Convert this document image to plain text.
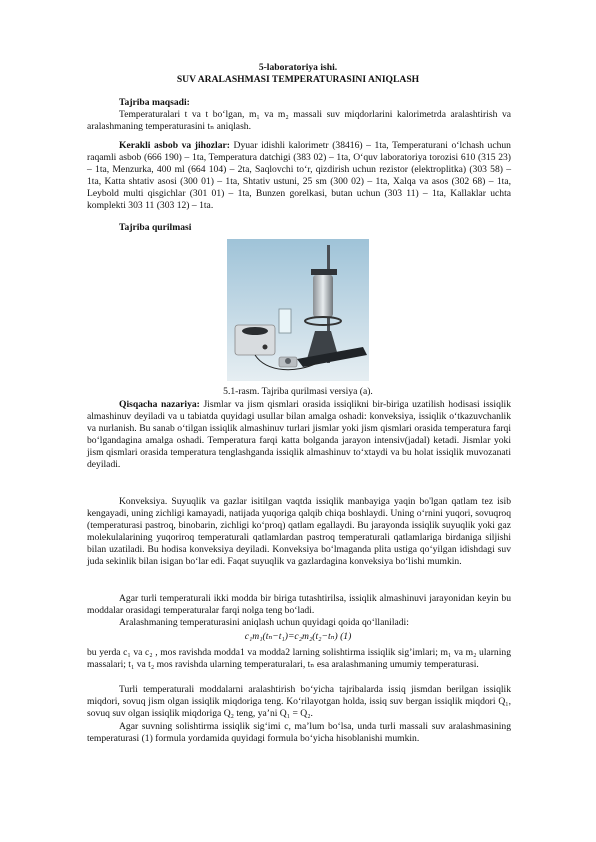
5-laboratoriya ishi.
SUV ARALASHMASI TEMPERATURASINI ANIQLASH
Tajriba maqsadi:
Temperaturalari t va t bo‘lgan, m₁ va m₂ massali suv miqdorlarini kalorimetrda aralashtirish va aralashmaning temperaturasini tₙ aniqlash.
Kerakli asbob va jihozlar: Dyuar idishli kalorimetr (38416) – 1ta, Temperaturani o‘lchash uchun raqamli asbob (666 190) – 1ta, Temperatura datchigi (383 02) – 1ta, O‘quv laboratoriya torozisi 610 (315 23) – 1ta, Menzurka, 400 ml (664 104) – 2ta, Saqlovchi to‘r, qizdirish uchun rezistor (elektroplitka) (303 58) – 1ta, Katta shtativ asosi (300 01) – 1ta, Shtativ ustuni, 25 sm (300 02) – 1ta, Xalqa va asos (302 68) – 1ta, Leybold multi qisgichlar (301 01) – 1ta, Bunzen gorelkasi, butan uchun (303 11) – 1ta, Kallaklar uchta komplekti 303 11 (303 12) – 1ta.
Tajriba qurilmasi
5.1-rasm. Tajriba qurilmasi versiya (a).
Qisqacha nazariya: Jismlar va jism qismlari orasida issiqlikni bir-biriga uzatilish hodisasi issiqlik almashinuv deyiladi va u tabiatda quyidagi usullar bilan amalga oshadi: konveksiya, issiqlik o‘tkazuvchanlik va nurlanish. Bu sanab o‘tilgan issiqlik almashinuv turlari jismlar yoki jism qismlari orasida temperatura farqi bo‘lgandagina amalga oshadi. Temperatura farqi katta bolganda jarayon intensiv(jadal) ketadi. Jismlar yoki jism qismlari orasida temperatura tenglashganda issiqlik almashinuv to‘xtaydi va bu holat issiqlik muvozanati deyiladi.
Konveksiya. Suyuqlik va gazlar isitilgan vaqtda issiqlik manbayiga yaqin bo'lgan qatlam tez isib kengayadi, uning zichligi kamayadi, natijada yuqoriga qalqib chiqa boshlaydi. Uning o‘rnini yuqori, sovuqroq (temperaturasi pastroq, binobarin, zichligi ko‘proq) qatlam egallaydi. Bu jarayonda issiqlik suyuqlik yoki gaz molekulalarining yuqoriroq temperaturali qatlamlardan pastroq temperaturali qatlamlariga birdaniga siljishi bilan uzatiladi. Bu hodisa konveksiya deyiladi. Konveksiya bo‘lmaganda plita ustiga qo‘yilgan idishdagi suv juda sekinlik bilan isigan bo‘lar edi. Faqat suyuqlik va gazlardagina konveksiya bo‘lishi mumkin.
Agar turli temperaturali ikki modda bir biriga tutashtirilsa, issiqlik almashinuvi jarayonidan keyin bu moddalar orasidagi temperaturalar farqi nolga teng bo‘ladi.
Aralashmaning temperaturasini aniqlash uchun quyidagi qoida qo‘llaniladi:
c₁m₁(tₙ−t₁)=c₂m₂(t₂−tₙ) (1)
bu yerda c₁ va c₂ , mos ravishda modda1 va modda2 larning solishtirma issiqlik sig’imlari; m₁ va m₂ ularning massalari; t₁ va t₂ mos ravishda ularning temperaturalari, tₙ esa aralashmaning umumiy temperaturasi.
Turli temperaturali moddalarni aralashtirish bo‘yicha tajribalarda issiq jismdan berilgan issiqlik miqdori, sovuq jism olgan issiqlik miqdoriga teng. Ko‘rilayotgan holda, issiq suv bergan issiqlik miqdori Q₁, sovuq suv olgan issiqlik miqdoriga Q₂ teng, ya’ni Q₁ = Q₂.
Agar suvning solishtirma issiqlik sig‘imi c, ma’lum bo‘lsa, unda turli massali suv aralashmasining temperaturasi (1) formula yordamida quyidagi formula bo‘yicha hisoblanishi mumkin.
